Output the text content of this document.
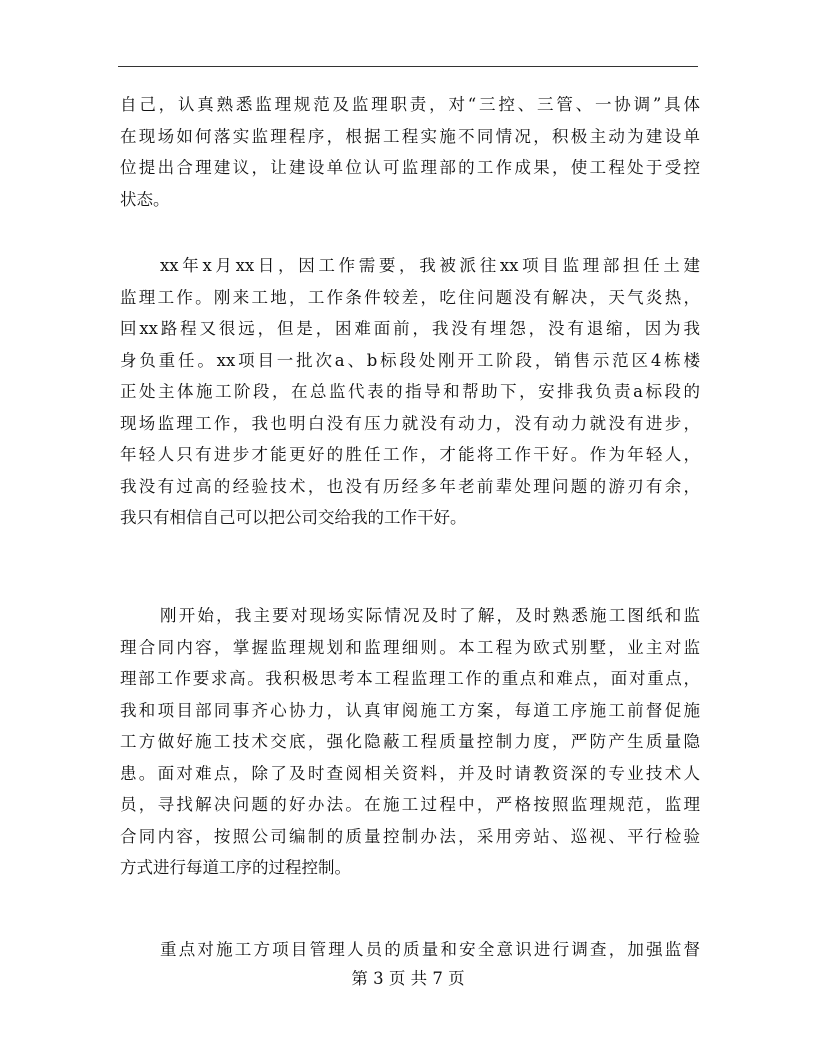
自己，认真熟悉监理规范及监理职责，对“三控、三管、一协调”具体
在现场如何落实监理程序，根据工程实施不同情况，积极主动为建设单
位提出合理建议，让建设单位认可监理部的工作成果，使工程处于受控
状态。
xx年x月xx日，因工作需要，我被派往xx项目监理部担任土建
监理工作。刚来工地，工作条件较差，吃住问题没有解决，天气炎热，
回xx路程又很远，但是，困难面前，我没有埋怨，没有退缩，因为我
身负重任。xx项目一批次a、b标段处刚开工阶段，销售示范区4栋楼
正处主体施工阶段，在总监代表的指导和帮助下，安排我负责a标段的
现场监理工作，我也明白没有压力就没有动力，没有动力就没有进步，
年轻人只有进步才能更好的胜任工作，才能将工作干好。作为年轻人，
我没有过高的经验技术，也没有历经多年老前辈处理问题的游刃有余，
我只有相信自己可以把公司交给我的工作干好。
刚开始，我主要对现场实际情况及时了解，及时熟悉施工图纸和监
理合同内容，掌握监理规划和监理细则。本工程为欧式别墅，业主对监
理部工作要求高。我积极思考本工程监理工作的重点和难点，面对重点，
我和项目部同事齐心协力，认真审阅施工方案，每道工序施工前督促施
工方做好施工技术交底，强化隐蔽工程质量控制力度，严防产生质量隐
患。面对难点，除了及时查阅相关资料，并及时请教资深的专业技术人
员，寻找解决问题的好办法。在施工过程中，严格按照监理规范，监理
合同内容，按照公司编制的质量控制办法，采用旁站、巡视、平行检验
方式进行每道工序的过程控制。
重点对施工方项目管理人员的质量和安全意识进行调查，加强监督
第 3 页 共 7 页
